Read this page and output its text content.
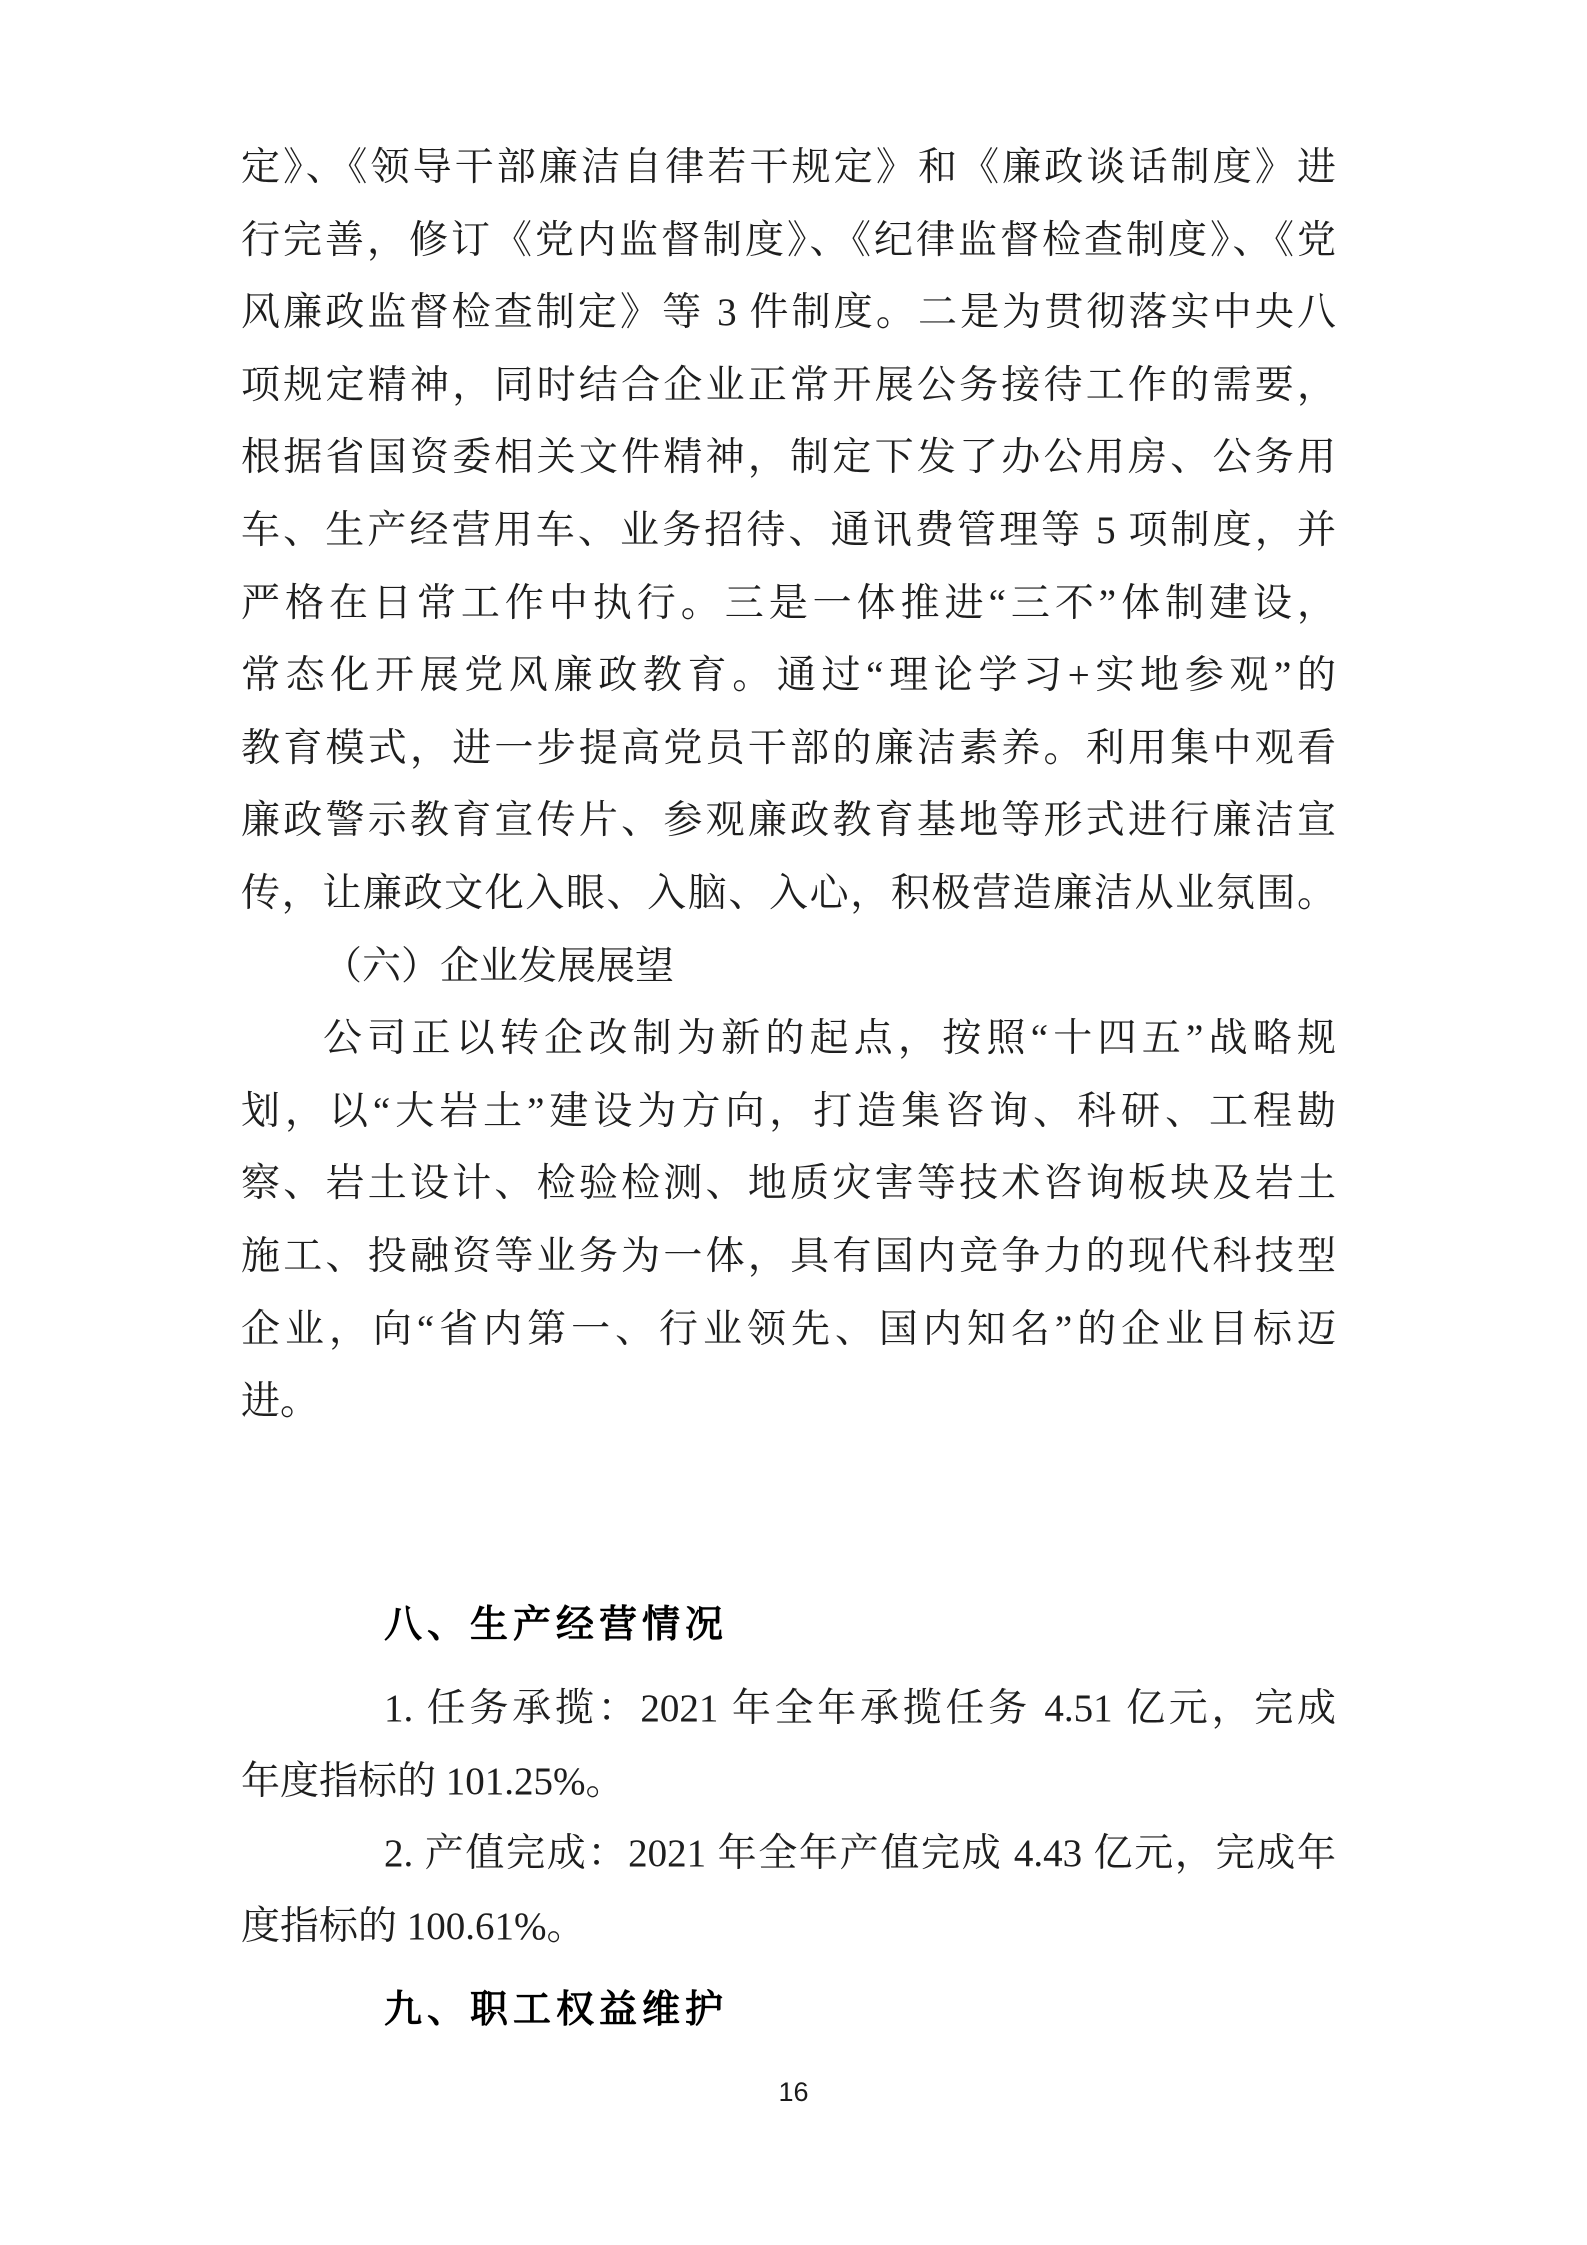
定》、《领导干部廉洁自律若干规定》和《廉政谈话制度》进
行完善，修订《党内监督制度》、《纪律监督检查制度》、《党
风廉政监督检查制定》等 3 件制度。二是为贯彻落实中央八
项规定精神，同时结合企业正常开展公务接待工作的需要，
根据省国资委相关文件精神，制定下发了办公用房、公务用
车、生产经营用车、业务招待、通讯费管理等 5 项制度，并
严格在日常工作中执行。三是一体推进“三不”体制建设，
常态化开展党风廉政教育。通过“理论学习+实地参观”的
教育模式，进一步提高党员干部的廉洁素养。利用集中观看
廉政警示教育宣传片、参观廉政教育基地等形式进行廉洁宣
传，让廉政文化入眼、入脑、入心，积极营造廉洁从业氛围。
（六）企业发展展望
公司正以转企改制为新的起点，按照“十四五”战略规
划，以“大岩土”建设为方向，打造集咨询、科研、工程勘
察、岩土设计、检验检测、地质灾害等技术咨询板块及岩土
施工、投融资等业务为一体，具有国内竞争力的现代科技型
企业，向“省内第一、行业领先、国内知名”的企业目标迈
进。
八、生产经营情况
1. 任务承揽：2021 年全年承揽任务 4.51 亿元，完成
年度指标的 101.25%。
2. 产值完成：2021 年全年产值完成 4.43 亿元，完成年
度指标的 100.61%。
九、职工权益维护
16
